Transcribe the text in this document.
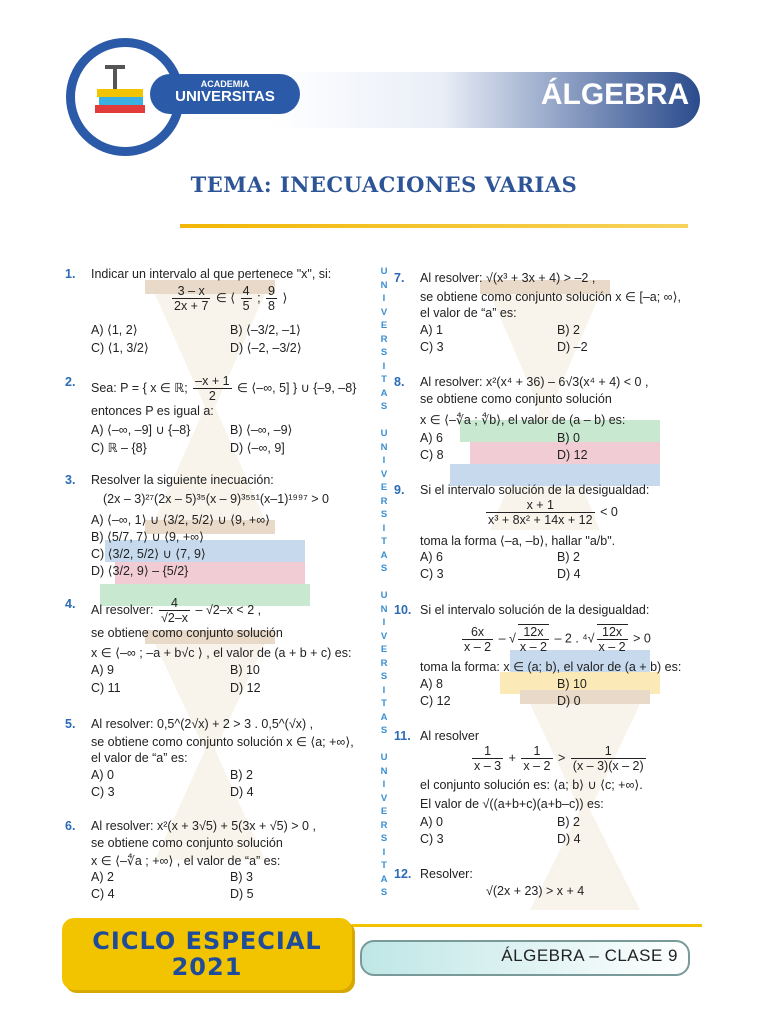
ACADEMIA
UNIVERSITAS	ÁLGEBRA
TEMA: INECUACIONES VARIAS
U
N
I
V
E
R
S
I
T
A
S

U
N
I
V
E
R
S
I
T
A
S

U
N
I
V
E
R
S
I
T
A
S

U
N
I
V
E
R
S
I
T
A
S
1. Indicar un intervalo al que pertenece "x", si:
$\frac{3 - x}{2x + 7}$ ∈ ⟨ $\frac{4}{5}$ ; $\frac{9}{8}$ ⟩
A) ⟨1, 2⟩	B) ⟨–3/2, –1⟩
C) ⟨1, 3/2⟩	D) ⟨–2, –3/2⟩
2. Sea: P = { x ∈ ℝ; $\frac{-x + 1}{2}$ ∈ ⟨–∞, 5] } ∪ {–9, –8}
entonces P es igual a:
A) ⟨–∞, –9] ∪ {–8}	B) ⟨–∞, –9⟩
C) ℝ – {8}	D) ⟨–∞, 9]
3. Resolver la siguiente inecuación:
(2x – 3)²⁷(2x – 5)³⁵(x – 9)³⁵⁵¹(x–1)¹⁹⁹⁷ > 0
A) ⟨–∞, 1⟩ ∪ ⟨3/2, 5/2⟩ ∪ ⟨9, +∞⟩
B) ⟨5/7, 7⟩ ∪ ⟨9, +∞⟩
C) ⟨3/2, 5/2⟩ ∪ ⟨7, 9⟩
D) ⟨3/2, 9⟩ – {5/2}
4. Al resolver: $\frac{4}{√2-x} - √2-x < 2$ ,
se obtiene como conjunto solución
x ∈ ⟨–∞ ; –a + b√c ⟩ , el valor de (a + b + c) es:
A) 9	B) 10
C) 11	D) 12
5. Al resolver: 0,5^(2√x) + 2 > 3 . 0,5^(√x) ,
se obtiene como conjunto solución x ∈ ⟨a; +∞⟩,
el valor de “a” es:
A) 0	B) 2
C) 3	D) 4
6. Al resolver: x²(x + 3√5) + 5(3x + √5) > 0 ,
se obtiene como conjunto solución
x ∈ ⟨–∜a ; +∞⟩ , el valor de “a” es:
A) 2	B) 3
C) 4	D) 5
7. Al resolver: √(x³ + 3x + 4) > –2 ,
se obtiene como conjunto solución x ∈ [–a; ∞⟩,
el valor de “a” es:
A) 1	B) 2
C) 3	D) –2
8. Al resolver: x²(x⁴ + 36) – 6√3(x⁴ + 4) < 0 ,
se obtiene como conjunto solución
x ∈ ⟨–∜a ; ∜b⟩, el valor de (a – b) es:
A) 6	B) 0
C) 8	D) 12
9. Si el intervalo solución de la desigualdad:
$\frac{x + 1}{\text{x³ + 8x² + 14x + 12}} < 0$
toma la forma ⟨–a, –b⟩, hallar "a/b".
A) 6	B) 2
C) 3	D) 4
10. Si el intervalo solución de la desigualdad:
$\frac{6x}{x - 2}$ – √ $\frac{12x}{x - 2} - 2$ . $^4√ \frac{12x}{x - 2} > 0$
toma la forma: x ∈ (a; b), el valor de (a + b) es:
A) 8	B) 10
C) 12	D) 0
11. Al resolver
$\frac{1}{x - 3} + \frac{1}{x - 2} > \frac{1}{(x - 3)(x - 2)}$
el conjunto solución es: ⟨a; b⟩ ∪ ⟨c; +∞⟩.
El valor de √((a+b+c)(a+b–c)) es:
A) 0	B) 2
C) 3	D) 4
12. Resolver:
√(2x + 23) > x + 4
CICLO ESPECIAL
2021	ÁLGEBRA – CLASE 9
